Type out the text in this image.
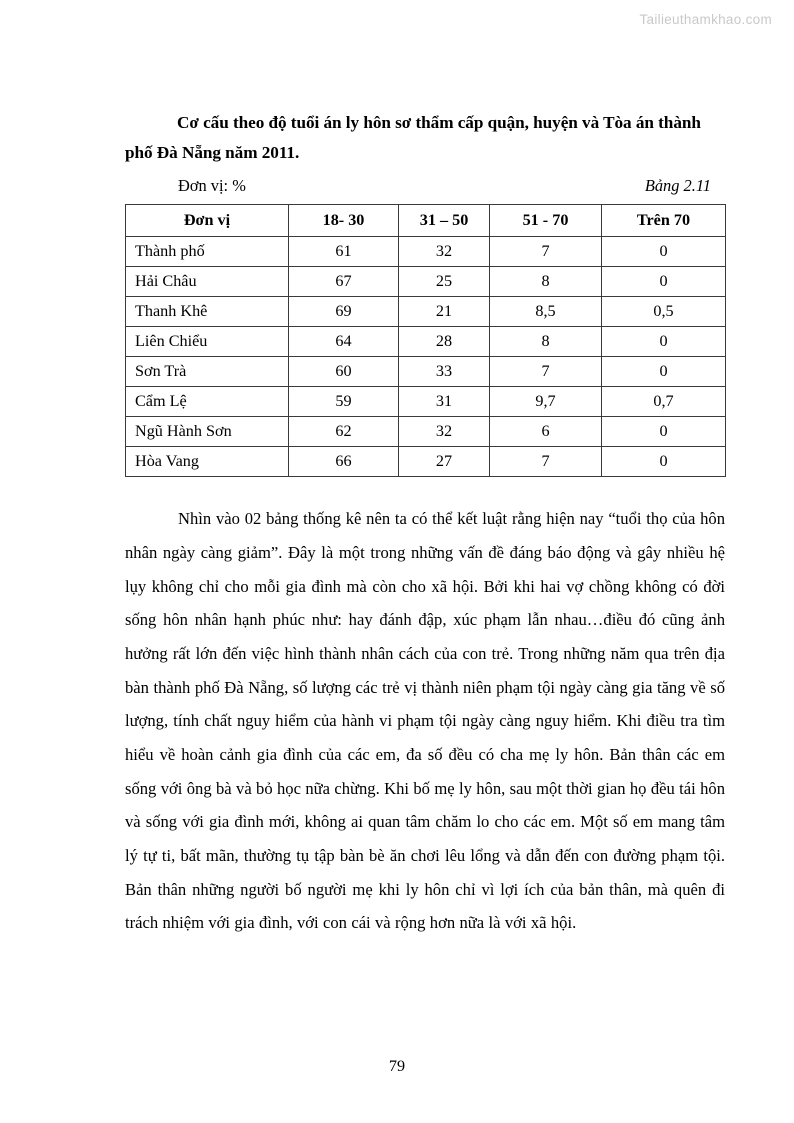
Tailieuthamkhao.com
Cơ cấu theo độ tuổi án ly hôn sơ thẩm cấp quận, huyện và Tòa án thành phố Đà Nẵng năm 2011.
Đơn vị: %	Bảng 2.11
Đơn vị	18- 30	31 – 50	51 - 70	Trên 70
Thành phố	61	32	7	0
Hải Châu	67	25	8	0
Thanh Khê	69	21	8,5	0,5
Liên Chiểu	64	28	8	0
Sơn Trà	60	33	7	0
Cẩm Lệ	59	31	9,7	0,7
Ngũ Hành Sơn	62	32	6	0
Hòa Vang	66	27	7	0

Nhìn vào 02 bảng thống kê nên ta có thể kết luật rằng hiện nay “tuổi thọ của hôn nhân ngày càng giảm”. Đây là một trong những vấn đề đáng báo động và gây nhiều hệ lụy không chỉ cho mỗi gia đình mà còn cho xã hội. Bởi khi hai vợ chồng không có đời sống hôn nhân hạnh phúc như: hay đánh đập, xúc phạm lẫn nhau…điều đó cũng ảnh hưởng rất lớn đến việc hình thành nhân cách của con trẻ. Trong những năm qua trên địa bàn thành phố Đà Nẵng, số lượng các trẻ vị thành niên phạm tội ngày càng gia tăng về số lượng, tính chất nguy hiểm của hành vi phạm tội ngày càng nguy hiểm. Khi điều tra tìm hiểu về hoàn cảnh gia đình của các em, đa số đều có cha mẹ ly hôn. Bản thân các em sống với ông bà và bỏ học nữa chừng. Khi bố mẹ ly hôn, sau một thời gian họ đều tái hôn và sống với gia đình mới, không ai quan tâm chăm lo cho các em. Một số em mang tâm lý tự ti, bất mãn, thường tụ tập bàn bè ăn chơi lêu lổng và dẫn đến con đường phạm tội. Bản thân những người bố người mẹ khi ly hôn chỉ vì lợi ích của bản thân, mà quên đi trách nhiệm với gia đình, với con cái và rộng hơn nữa là với xã hội.

79
